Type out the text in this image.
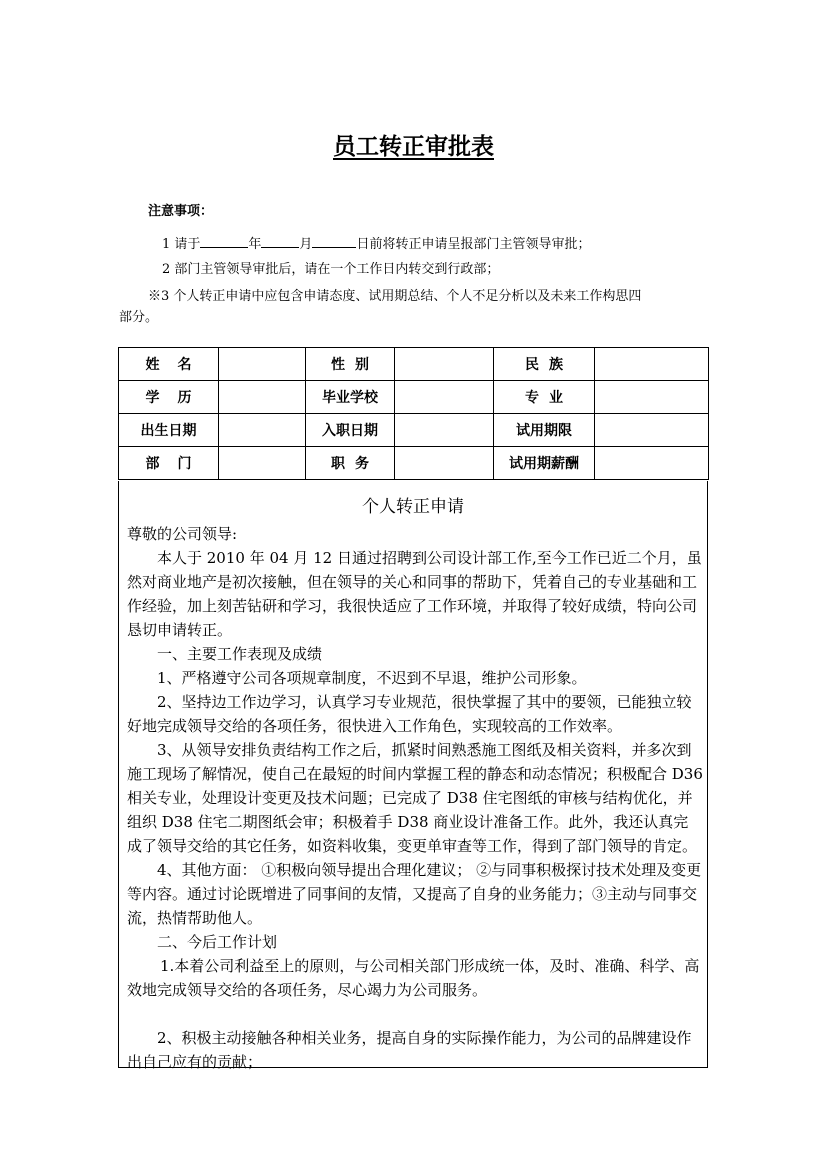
员工转正审批表
注意事项：
1 请于	年	月	日前将转正申请呈报部门主管领导审批；
2 部门主管领导审批后，请在一个工作日内转交到行政部；
※3 个人转正申请中应包含申请态度、试用期总结、个人不足分析以及未来工作构思四
部分。
姓名		性别		民族	
学历		毕业学校		专业	
出生日期		入职日期		试用期限	
部门		职务		试用期薪酬	
个人转正申请

尊敬的公司领导:

本人于 2010 年 04 月 12 日通过招聘到公司设计部工作,至今工作已近二个月，虽然对商业地产是初次接触，但在领导的关心和同事的帮助下，凭着自己的专业基础和工作经验，加上刻苦钻研和学习，我很快适应了工作环境，并取得了较好成绩，特向公司恳切申请转正。

一、主要工作表现及成绩

1、严格遵守公司各项规章制度，不迟到不早退，维护公司形象。

2、坚持边工作边学习，认真学习专业规范，很快掌握了其中的要领，已能独立较好地完成领导交给的各项任务，很快进入工作角色，实现较高的工作效率。

3、从领导安排负责结构工作之后，抓紧时间熟悉施工图纸及相关资料，并多次到施工现场了解情况，使自己在最短的时间内掌握工程的静态和动态情况；积极配合 D36 相关专业，处理设计变更及技术问题；已完成了 D38 住宅图纸的审核与结构优化，并组织 D38 住宅二期图纸会审；积极着手 D38 商业设计准备工作。此外，我还认真完成了领导交给的其它任务，如资料收集，变更单审查等工作，得到了部门领导的肯定。

4、其他方面： ①积极向领导提出合理化建议； ②与同事积极探讨技术处理及变更等内容。通过讨论既增进了同事间的友情，又提高了自身的业务能力；③主动与同事交流，热情帮助他人。

二、今后工作计划

1.本着公司利益至上的原则，与公司相关部门形成统一体，及时、准确、科学、高效地完成领导交给的各项任务，尽心竭力为公司服务。

2、积极主动接触各种相关业务，提高自身的实际操作能力，为公司的品牌建设作出自己应有的贡献；
